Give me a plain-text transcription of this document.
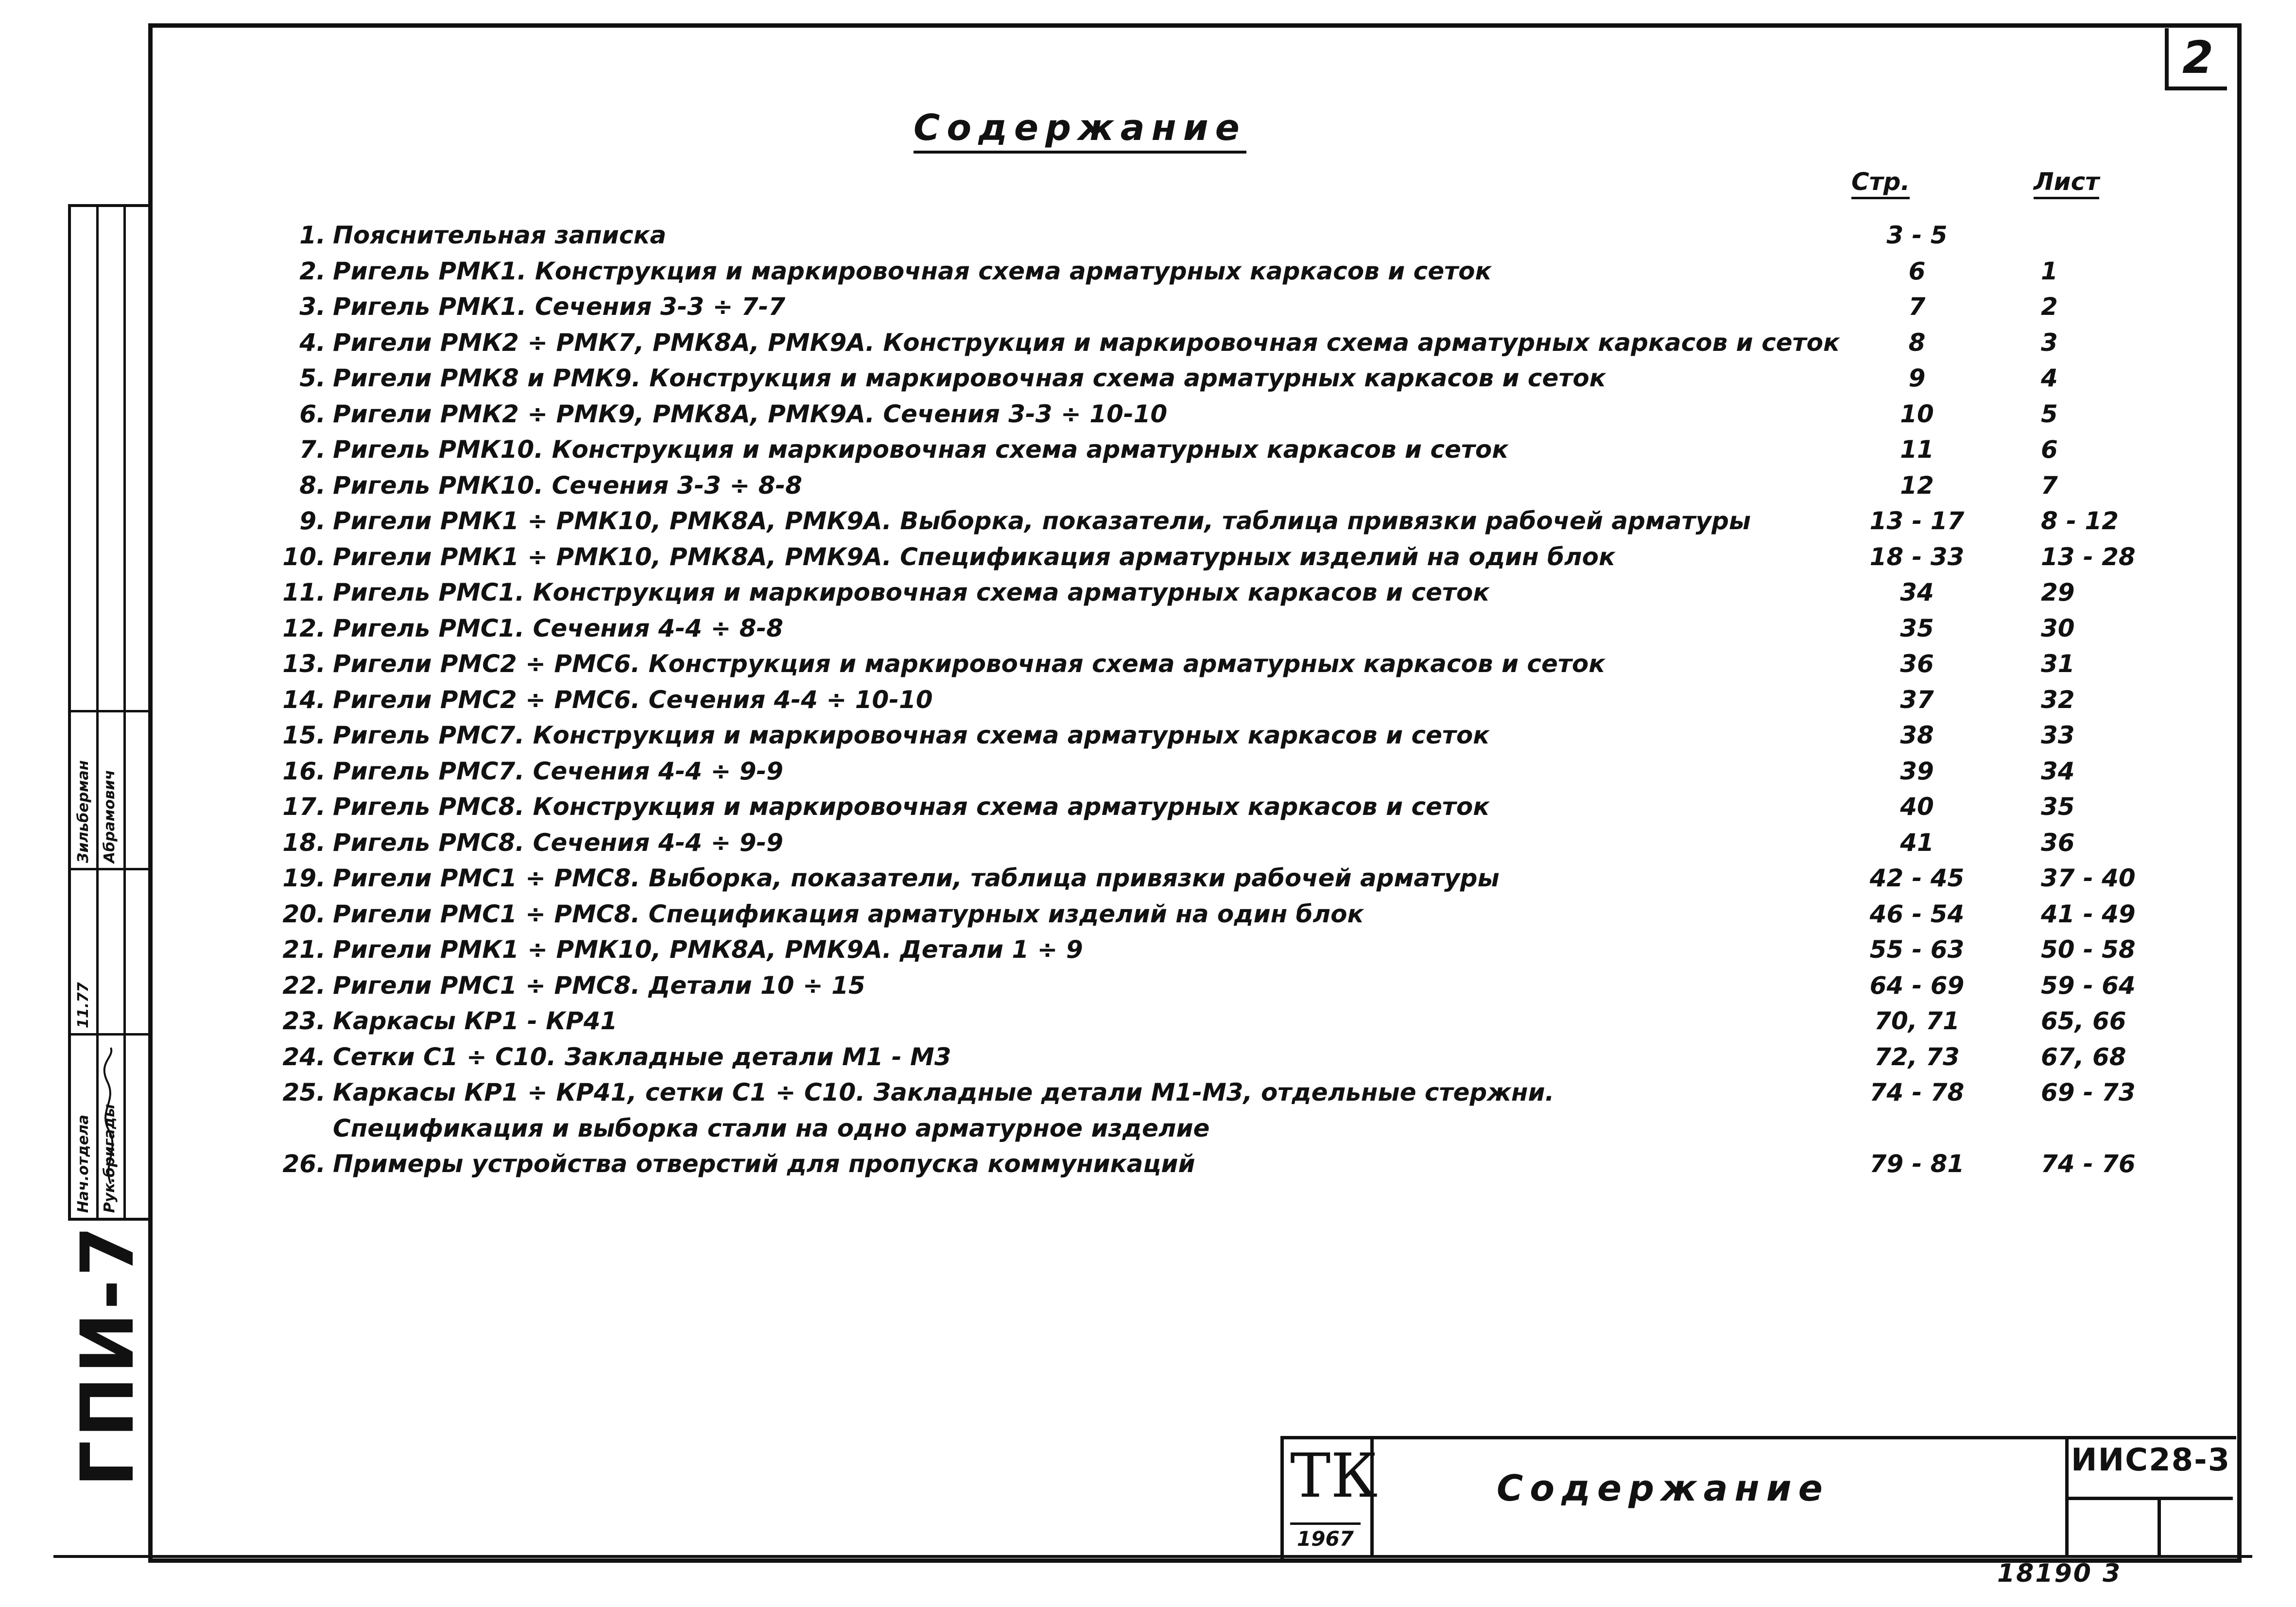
2
Нач.отдела Рук.бригады
11.77
Зильберман Абрамович
ГПИ-7
Содержание
Стр.	Лист
1. Пояснительная записка	3 - 5
2. Ригель РМК1. Конструкция и маркировочная схема арматурных каркасов и сеток	6	1
3. Ригель РМК1. Сечения 3-3 ÷ 7-7	7	2
4. Ригели РМК2 ÷ РМК7, РМК8А, РМК9А. Конструкция и маркировочная схема арматурных каркасов и сеток	8	3
5. Ригели РМК8 и РМК9. Конструкция и маркировочная схема арматурных каркасов и сеток	9	4
6. Ригели РМК2 ÷ РМК9, РМК8А, РМК9А. Сечения 3-3 ÷ 10-10	10	5
7. Ригель РМК10. Конструкция и маркировочная схема арматурных каркасов и сеток	11	6
8. Ригель РМК10. Сечения 3-3 ÷ 8-8	12	7
9. Ригели РМК1 ÷ РМК10, РМК8А, РМК9А. Выборка, показатели, таблица привязки рабочей арматуры	13 - 17	8 - 12
10. Ригели РМК1 ÷ РМК10, РМК8А, РМК9А. Спецификация арматурных изделий на один блок	18 - 33	13 - 28
11. Ригель РМС1. Конструкция и маркировочная схема арматурных каркасов и сеток	34	29
12. Ригель РМС1. Сечения 4-4 ÷ 8-8	35	30
13. Ригели РМС2 ÷ РМС6. Конструкция и маркировочная схема арматурных каркасов и сеток	36	31
14. Ригели РМС2 ÷ РМС6. Сечения 4-4 ÷ 10-10	37	32
15. Ригель РМС7. Конструкция и маркировочная схема арматурных каркасов и сеток	38	33
16. Ригель РМС7. Сечения 4-4 ÷ 9-9	39	34
17. Ригель РМС8. Конструкция и маркировочная схема арматурных каркасов и сеток	40	35
18. Ригель РМС8. Сечения 4-4 ÷ 9-9	41	36
19. Ригели РМС1 ÷ РМС8. Выборка, показатели, таблица привязки рабочей арматуры	42 - 45	37 - 40
20. Ригели РМС1 ÷ РМС8. Спецификация арматурных изделий на один блок	46 - 54	41 - 49
21. Ригели РМК1 ÷ РМК10, РМК8А, РМК9А. Детали 1 ÷ 9	55 - 63	50 - 58
22. Ригели РМС1 ÷ РМС8. Детали 10 ÷ 15	64 - 69	59 - 64
23. Каркасы КР1 - КР41	70, 71	65, 66
24. Сетки С1 ÷ С10. Закладные детали М1 - М3	72, 73	67, 68
25. Каркасы КР1 ÷ КР41, сетки С1 ÷ С10. Закладные детали М1-М3, отдельные стержни.	74 - 78	69 - 73
Спецификация и выборка стали на одно арматурное изделие
26. Примеры устройства отверстий для пропуска коммуникаций	79 - 81	74 - 76
ТК
1967
Содержание
ИИС28-3
18190 3
